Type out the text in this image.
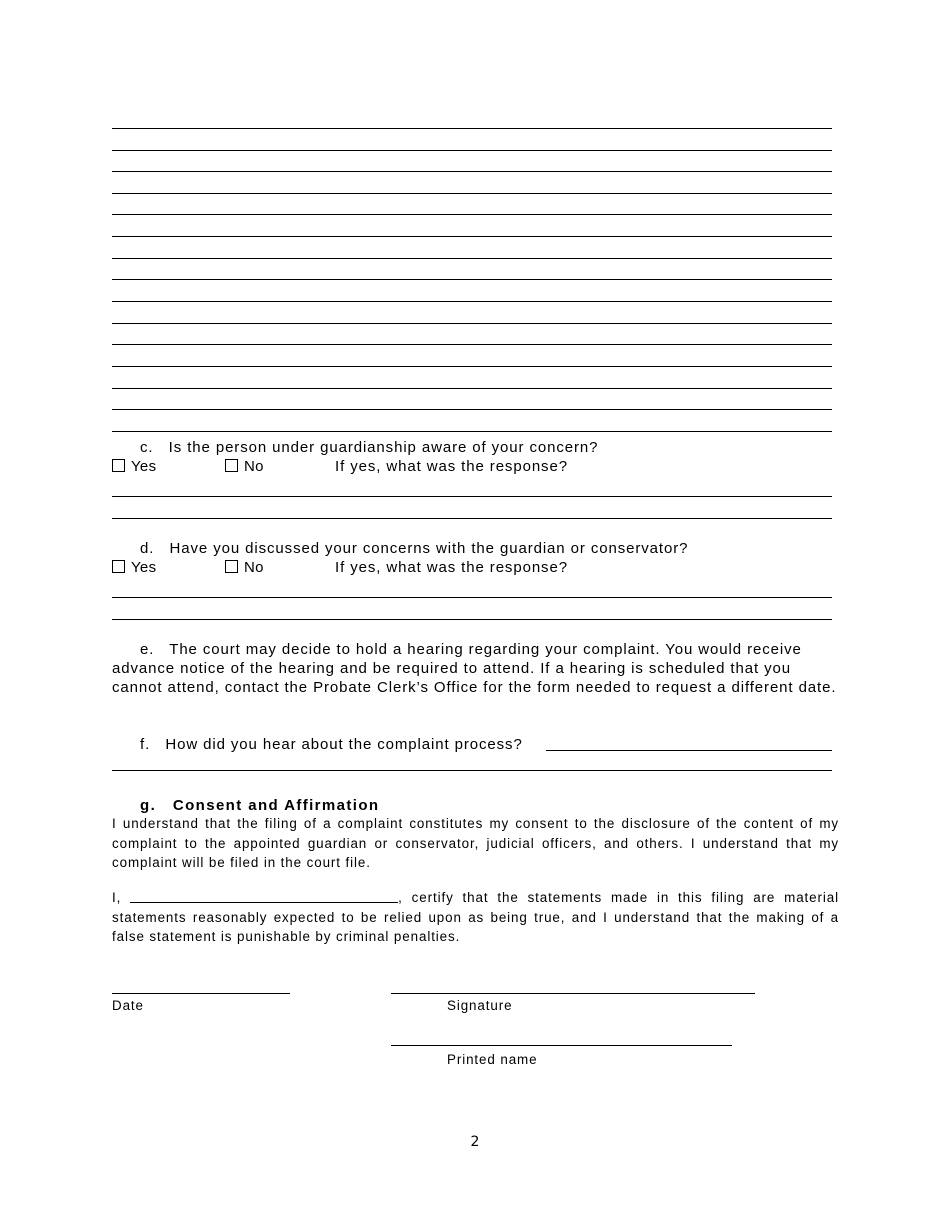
c. Is the person under guardianship aware of your concern?
Yes	No	If yes, what was the response?
d. Have you discussed your concerns with the guardian or conservator?
Yes	No	If yes, what was the response?
e. The court may decide to hold a hearing regarding your complaint. You would receive advance notice of the hearing and be required to attend. If a hearing is scheduled that you cannot attend, contact the Probate Clerk’s Office for the form needed to request a different date.
f. How did you hear about the complaint process?
g. Consent and Affirmation
I understand that the filing of a complaint constitutes my consent to the disclosure of the content of my complaint to the appointed guardian or conservator, judicial officers, and others. I understand that my complaint will be filed in the court file.
I,	, certify that the statements made in this filing are material statements reasonably expected to be relied upon as being true, and I understand that the making of a false statement is punishable by criminal penalties.
Date	Signature
Printed name
2
